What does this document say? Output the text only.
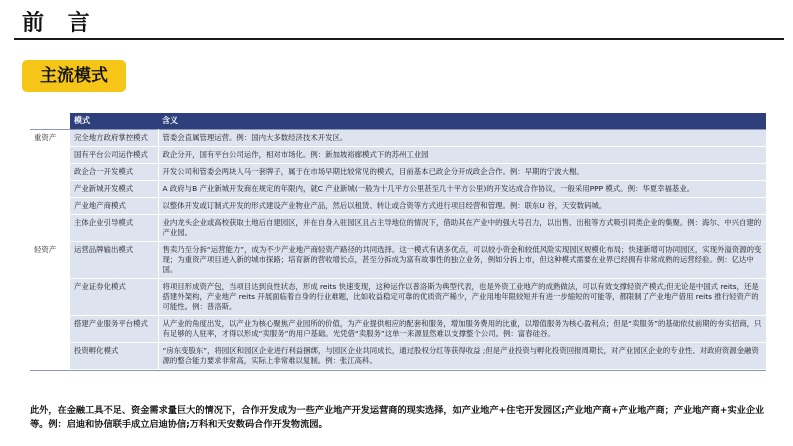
前 言
主流模式
	模式	含义
重资产	完全地方政府掌控模式	管委会直属管理运营。例：国内大多数经济技术开发区。
	国有平台公司运作模式	政企分开，国有平台公司运作，相对市场化。例：新加坡裕廊模式下的苏州工业园
	政企合一开发模式	开发公司和管委会两块人马一套牌子，属于在市场早期比较常见的模式，目前基本已政企分开成政企合作。例：早期的宁波大榭。
	产业新城开发模式	A 政府与B 产业新城开发商在规定的年限内，就C 产业新城(一般为十几平方公里甚至几十平方公里)的开发达成合作协议，一般采用PPP 模式。例：华夏幸福基业。
	产业地产商模式	以整体开发或订制式开发的形式建设产业物业产品，然后以租赁、转让或合资等方式进行项目经营和管理。例：联东U 谷，天安数码城。
	主体企业引导模式	业内龙头企业或高校获取土地后自建园区，并在自身入驻园区且占主导地位的情况下，借助其在产业中的强大号召力，以出售、出租等方式吸引同类企业的集聚。例：海尔、中兴自建的产业园。
轻资产	运营品牌输出模式	售卖乃至分拆“运营能力”，成为不少产业地产商轻资产路径的共同选择。这一模式有诸多优点，可以较小资金和较低风险实现园区规模化布局；快速新增可协同园区，实现外溢资源的变现；为重资产项目进入新的城市探路；培育新的营收增长点，甚至分拆成为富有故事性的独立业务，例如分拆上市，但这种模式需要在业界已经拥有非常成熟的运营经验。例：亿达中国。
	产业证券化模式	将项目形成资产包，当项目达到良性状态，形成 reits 快速变现，这种运作以普洛斯为典型代表，也是外资工业地产的成熟做法，可以有效支撑轻资产模式;但无论是中国式 reits，还是搭建外架构，产业地产 reits 开展面临着自身的行业难题，比如收益稳定可靠的优质资产稀少，产业用地年限较短并有进一步缩短的可能等，都限制了产业地产借用 reits 推行轻资产的可能性。例：普洛斯。
	搭建产业服务平台模式	从产业的角度出发，以产业为核心聚焦产业园所的价值，为产业提供相应的配套和服务，增加服务费用的比重，以增值服务为核心盈利点；但是“卖服务”的基础依仗前期的夯实招商，只有足够的人驻率，才得以形成“卖服务”的用户基础。光凭借“卖服务”这单一来源显然难以支撑整个公司。例：富春硅谷。
	投资孵化模式	“房东变股东”，将园区和园区企业进行利益捆绑，与园区企业共同成长，通过股权分红等获得收益 ;但是产业投资与孵化投资回报周期长，对产业园区企业的专业性、对政府资源金融资源的整合能力要求非常高，实际上非常难以复制。例：张江高科。
此外，在金融工具不足、资金需求量巨大的情况下，合作开发成为一些产业地产开发运营商的现实选择，如产业地产+住宅开发园区;产业地产商+产业地产商；产业地产商+实业企业等。例：启迪和协信联手成立启迪协信;万科和天安数码合作开发物流园。
